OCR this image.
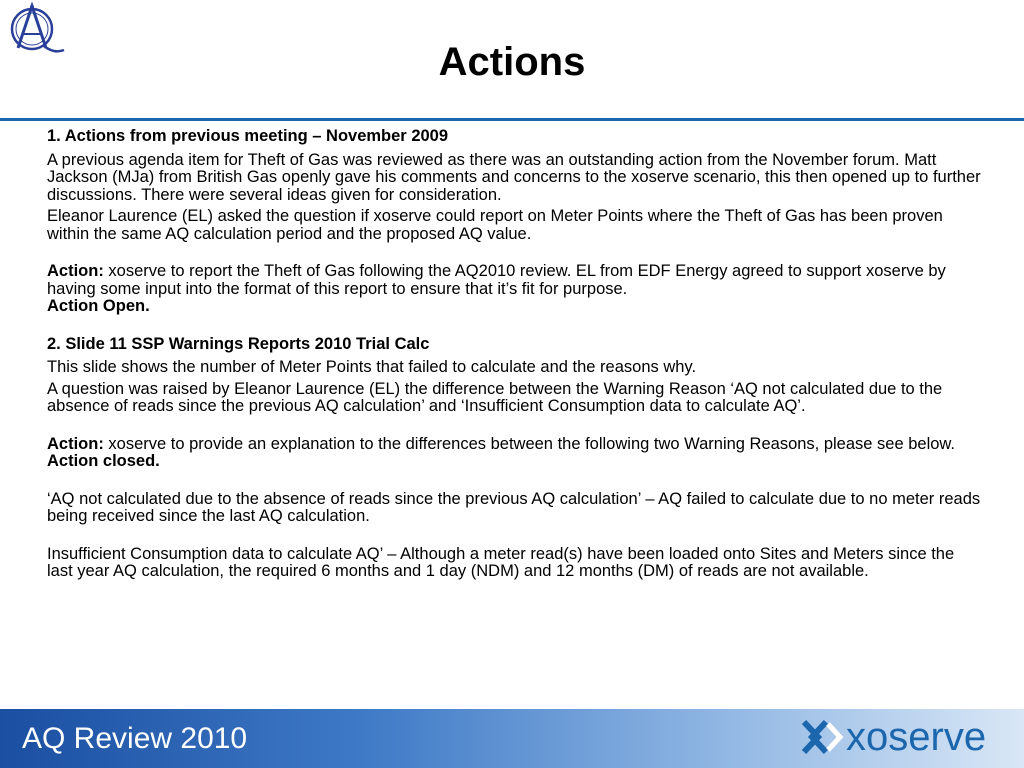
Actions

1. Actions from previous meeting – November 2009

A previous agenda item for Theft of Gas was reviewed as there was an outstanding action from the November forum. Matt Jackson (MJa) from British Gas openly gave his comments and concerns to the xoserve scenario, this then opened up to further discussions. There were several ideas given for consideration.

Eleanor Laurence (EL) asked the question if xoserve could report on Meter Points where the Theft of Gas has been proven within the same AQ calculation period and the proposed AQ value.

Action: xoserve to report the Theft of Gas following the AQ2010 review. EL from EDF Energy agreed to support xoserve by having some input into the format of this report to ensure that it’s fit for purpose.
Action Open.

2. Slide 11 SSP Warnings Reports 2010 Trial Calc

This slide shows the number of Meter Points that failed to calculate and the reasons why.

A question was raised by Eleanor Laurence (EL) the difference between the Warning Reason ‘AQ not calculated due to the absence of reads since the previous AQ calculation’ and ‘Insufficient Consumption data to calculate AQ’.

Action: xoserve to provide an explanation to the differences between the following two Warning Reasons, please see below. Action closed.

‘AQ not calculated due to the absence of reads since the previous AQ calculation’ – AQ failed to calculate due to no meter reads being received since the last AQ calculation.

Insufficient Consumption data to calculate AQ’ – Although a meter read(s) have been loaded onto Sites and Meters since the last year AQ calculation, the required 6 months and 1 day (NDM) and 12 months (DM) of reads are not available.

AQ Review 2010	xoserve
